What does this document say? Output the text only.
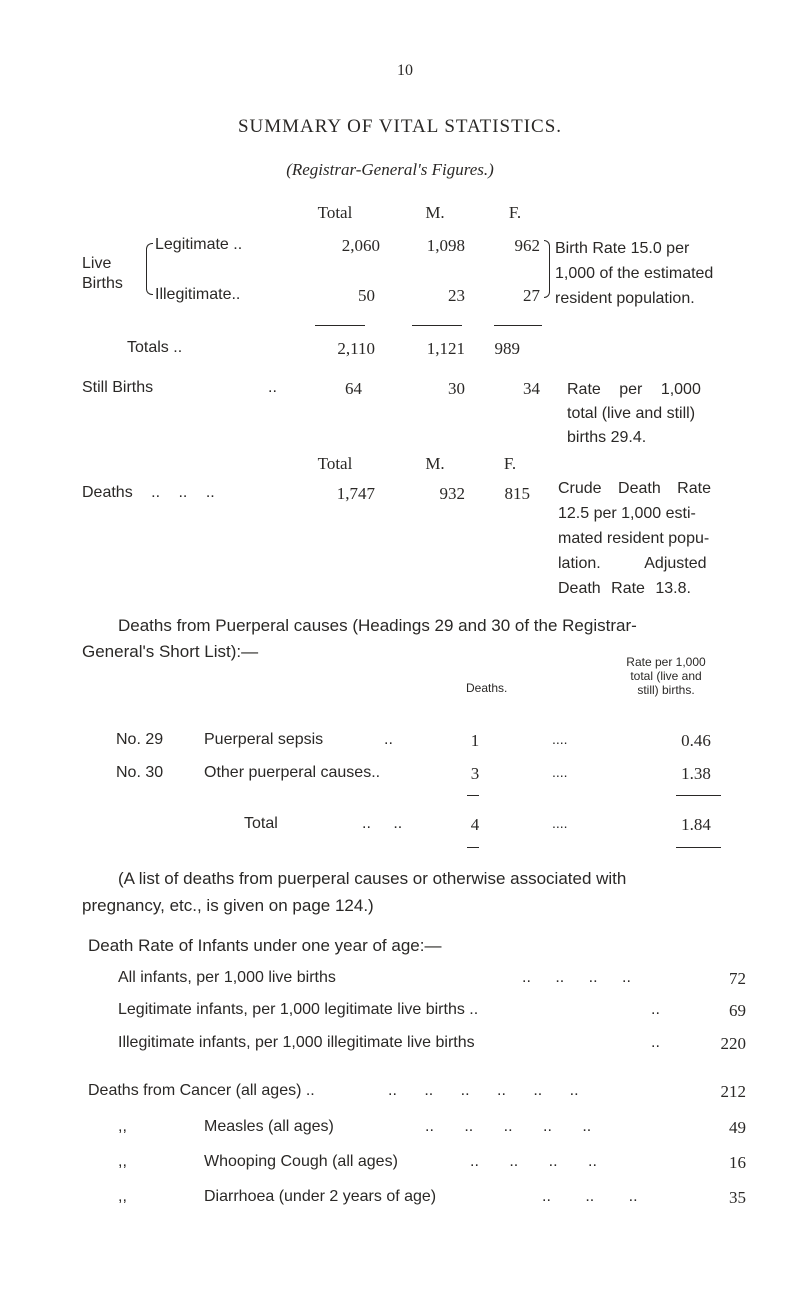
10
SUMMARY OF VITAL STATISTICS.
(Registrar-General's Figures.)
Total	M.	F.
Live
Births
Legitimate ..	2,060	1,098	962
Illegitimate..	50	23	27
Birth Rate 15.0 per
1,000 of the estimated
resident population.
Totals ..	2,110	1,121	989
Still Births	..	64	30	34 Rate per 1,000
total (live and still)
births 29.4.
Total	M.	F.
Deaths .. .. ..	1,747	932	815 Crude Death Rate
12.5 per 1,000 esti-
mated resident popu-
lation. Adjusted
Death Rate 13.8.
Deaths from Puerperal causes (Headings 29 and 30 of the Registrar-
General's Short List):—
Deaths.
Rate per 1,000
total (live and
still) births.
No. 29	Puerperal sepsis	..	1	....	0.46
No. 30	Other puerperal causes..	3	....	1.38
Total	.. ..	4	....	1.84
(A list of deaths from puerperal causes or otherwise associated with
pregnancy, etc., is given on page 124.)
Death Rate of Infants under one year of age:—
All infants, per 1,000 live births	.. .. .. ..	72
Legitimate infants, per 1,000 legitimate live births ..	..	69
Illegitimate infants, per 1,000 illegitimate live births	..	220
Deaths from Cancer (all ages) ..	.. .. .. .. .. ..	212
,,	Measles (all ages)	.. .. .. .. ..	49
,,	Whooping Cough (all ages)	.. .. .. ..	16
,,	Diarrhoea (under 2 years of age)	.. .. ..	35
